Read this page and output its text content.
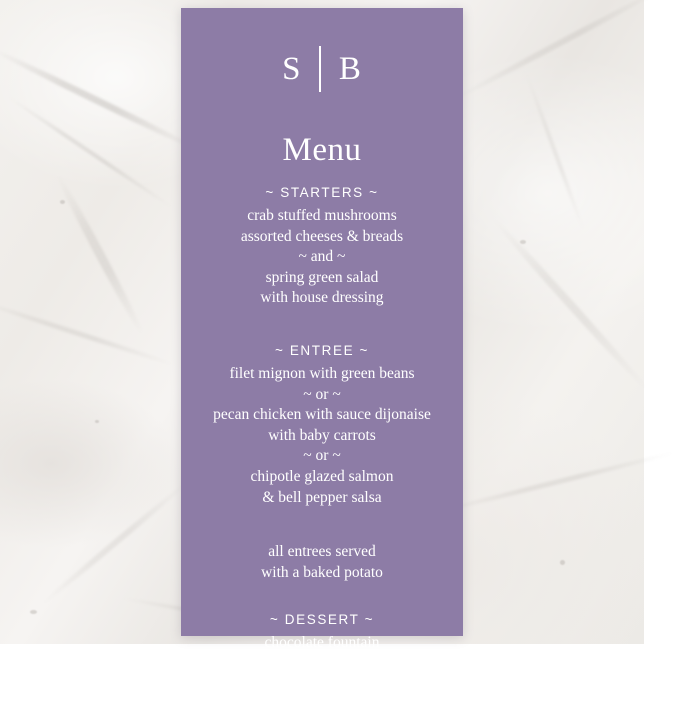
S	B
Menu
~ STARTERS ~
crab stuffed mushrooms
assorted cheeses & breads
~ and ~
spring green salad
with house dressing
~ ENTREE ~
filet mignon with green beans
~ or ~
pecan chicken with sauce dijonaise
with baby carrots
~ or ~
chipotle glazed salmon
& bell pepper salsa
all entrees served
with a baked potato
~ DESSERT ~
chocolate fountain
~ and ~
wedding cake
served with coffee and tea
